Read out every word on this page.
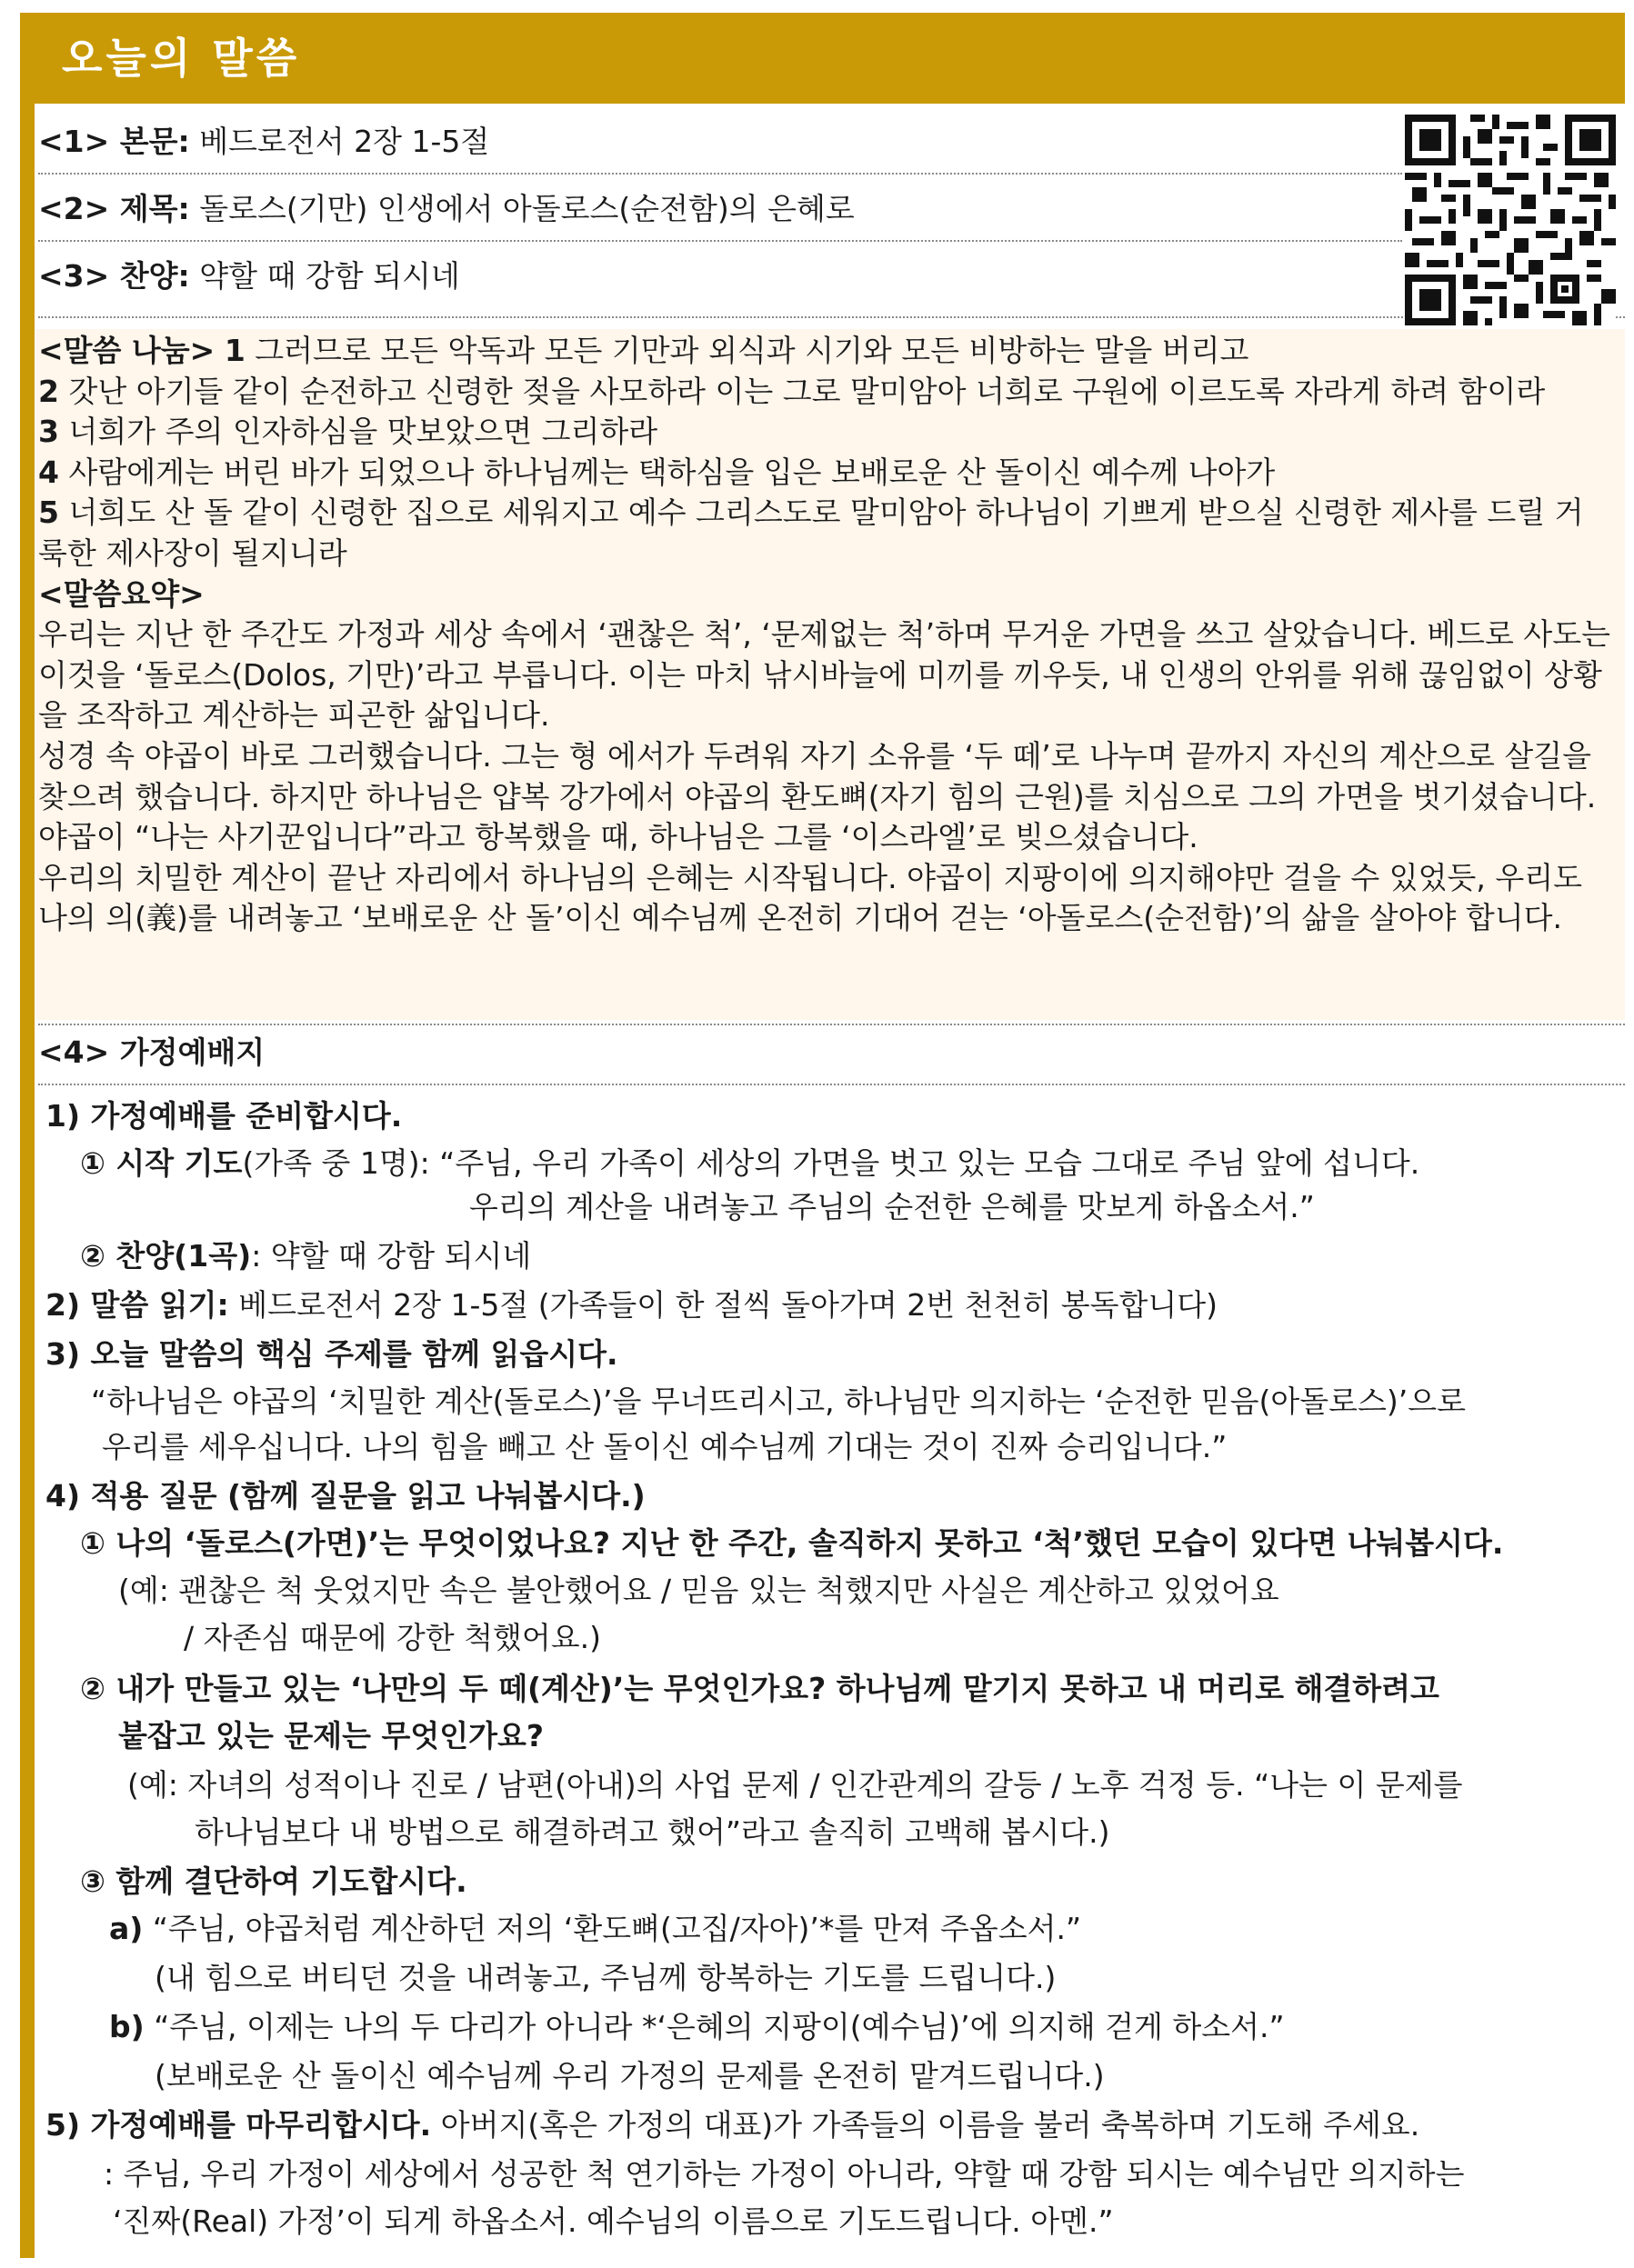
오늘의 말씀
<1> 본문: 베드로전서 2장 1-5절
<2> 제목: 돌로스(기만) 인생에서 아돌로스(순전함)의 은혜로
<3> 찬양: 약할 때 강함 되시네

<말씀 나눔> 1 그러므로 모든 악독과 모든 기만과 외식과 시기와 모든 비방하는 말을 버리고

2 갓난 아기들 같이 순전하고 신령한 젖을 사모하라 이는 그로 말미암아 너희로 구원에 이르도록 자라게 하려 함이라

3 너희가 주의 인자하심을 맛보았으면 그리하라

4 사람에게는 버린 바가 되었으나 하나님께는 택하심을 입은 보배로운 산 돌이신 예수께 나아가

5 너희도 산 돌 같이 신령한 집으로 세워지고 예수 그리스도로 말미암아 하나님이 기쁘게 받으실 신령한 제사를 드릴 거룩한 제사장이 될지니라

<말씀요약>

우리는 지난 한 주간도 가정과 세상 속에서 ‘괜찮은 척’, ‘문제없는 척’하며 무거운 가면을 쓰고 살았습니다. 베드로 사도는 이것을 ‘돌로스(Dolos, 기만)’라고 부릅니다. 이는 마치 낚시바늘에 미끼를 끼우듯, 내 인생의 안위를 위해 끊임없이 상황을 조작하고 계산하는 피곤한 삶입니다.

성경 속 야곱이 바로 그러했습니다. 그는 형 에서가 두려워 자기 소유를 ‘두 떼’로 나누며 끝까지 자신의 계산으로 살길을 찾으려 했습니다. 하지만 하나님은 얍복 강가에서 야곱의 환도뼈(자기 힘의 근원)를 치심으로 그의 가면을 벗기셨습니다. 야곱이 “나는 사기꾼입니다”라고 항복했을 때, 하나님은 그를 ‘이스라엘’로 빚으셨습니다.

우리의 치밀한 계산이 끝난 자리에서 하나님의 은혜는 시작됩니다. 야곱이 지팡이에 의지해야만 걸을 수 있었듯, 우리도 나의 의(義)를 내려놓고 ‘보배로운 산 돌’이신 예수님께 온전히 기대어 걷는 ‘아돌로스(순전함)’의 삶을 살아야 합니다.

<4> 가정예배지
1) 가정예배를 준비합시다.
① 시작 기도(가족 중 1명): “주님, 우리 가족이 세상의 가면을 벗고 있는 모습 그대로 주님 앞에 섭니다.
우리의 계산을 내려놓고 주님의 순전한 은혜를 맛보게 하옵소서.”
② 찬양(1곡): 약할 때 강함 되시네
2) 말씀 읽기: 베드로전서 2장 1-5절 (가족들이 한 절씩 돌아가며 2번 천천히 봉독합니다)
3) 오늘 말씀의 핵심 주제를 함께 읽읍시다.
“하나님은 야곱의 ‘치밀한 계산(돌로스)’을 무너뜨리시고, 하나님만 의지하는 ‘순전한 믿음(아돌로스)’으로
우리를 세우십니다. 나의 힘을 빼고 산 돌이신 예수님께 기대는 것이 진짜 승리입니다.”
4) 적용 질문 (함께 질문을 읽고 나눠봅시다.)
① 나의 ‘돌로스(가면)’는 무엇이었나요? 지난 한 주간, 솔직하지 못하고 ‘척’했던 모습이 있다면 나눠봅시다.
(예: 괜찮은 척 웃었지만 속은 불안했어요 / 믿음 있는 척했지만 사실은 계산하고 있었어요
/ 자존심 때문에 강한 척했어요.)
② 내가 만들고 있는 ‘나만의 두 떼(계산)’는 무엇인가요? 하나님께 맡기지 못하고 내 머리로 해결하려고
붙잡고 있는 문제는 무엇인가요?
(예: 자녀의 성적이나 진로 / 남편(아내)의 사업 문제 / 인간관계의 갈등 / 노후 걱정 등. “나는 이 문제를
하나님보다 내 방법으로 해결하려고 했어”라고 솔직히 고백해 봅시다.)
③ 함께 결단하여 기도합시다.
a) “주님, 야곱처럼 계산하던 저의 ‘환도뼈(고집/자아)’*를 만져 주옵소서.”
(내 힘으로 버티던 것을 내려놓고, 주님께 항복하는 기도를 드립니다.)
b) “주님, 이제는 나의 두 다리가 아니라 *‘은혜의 지팡이(예수님)’에 의지해 걷게 하소서.”
(보배로운 산 돌이신 예수님께 우리 가정의 문제를 온전히 맡겨드립니다.)
5) 가정예배를 마무리합시다. 아버지(혹은 가정의 대표)가 가족들의 이름을 불러 축복하며 기도해 주세요.
: 주님, 우리 가정이 세상에서 성공한 척 연기하는 가정이 아니라, 약할 때 강함 되시는 예수님만 의지하는
‘진짜(Real) 가정’이 되게 하옵소서. 예수님의 이름으로 기도드립니다. 아멘.”
